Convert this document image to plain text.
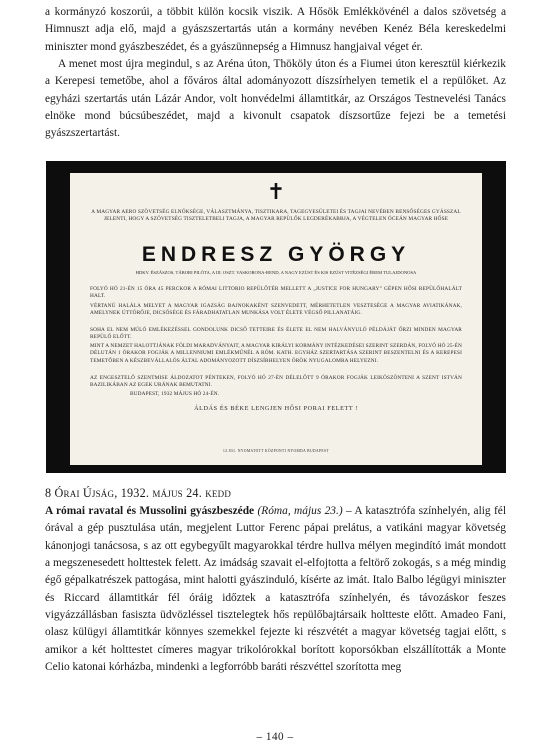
a kormányzó koszorúi, a többit külön kocsik viszik. A Hősök Emlékkövénél a dalos szövetség a Himnuszt adja elő, majd a gyászszertartás után a kormány nevében Kenéz Béla kereskedelmi miniszter mond gyászbeszédet, és a gyászünnepség a Himnusz hangjaival véget ér.

A menet most újra megindul, s az Aréna úton, Thököly úton és a Fiumei úton keresztül kiérkezik a Kerepesi temetőbe, ahol a főváros által adományozott díszsírhelyen temetik el a repülőket. Az egyházi szertartás után Lázár Andor, volt honvédelmi államtitkár, az Országos Testnevelési Tanács elnöke mond búcsúbeszédet, majd a kivonult csapatok díszsortűze fejezi be a temetési gyászszertartást.

✝
A MAGYAR AERO SZÖVETSÉG ELNÖKSÉGE, VÁLASZTMÁNYA, TISZTIKARA, TAGEGYESÜLETEI ÉS TAGJAI NEVÉBEN BENSŐSÉGES GYÁSSZAL JELENTI, HOGY A SZÖVETSÉG TISZTELETBELI TAGJA, A MAGYAR REPÜLŐK LEGDERÉKABBJA, A VÉGTELEN ÓCEÁN MAGYAR HŐSE
ENDRESZ GYÖRGY
HDKV. ÉSZÁSZOS, TÁBORI PILÓTA, A III. OSZT. VASKORONA-REND, A NAGY EZÜST ÉS KIS EZÜST VITÉZSÉGI ÉREM TULAJDONOSA
FOLYÓ HÓ 21-ÉN 15 ÓRA 45 PERCKOR A RÓMAI LITTORIO REPÜLŐTÉR MELLETT A „JUSTICE FOR HUNGARY” GÉPEN HŐSI REPÜLŐHALÁLT HALT.
VÉRTANÚ HALÁLA MELYET A MAGYAR IGAZSÁG BAJNOKAKÉNT SZENVEDETT, MÉRHETETLEN VESZTESÉGE A MAGYAR AVIATIKÁNAK, AMELYNEK ÚTTÖRŐJE, DICSŐSÉGE ÉS FÁRADHATATLAN MUNKÁSA VOLT ÉLETE VÉGSŐ PILLANATÁIG.
SOHA EL NEM MÚLÓ EMLÉKEZÉSSEL GONDOLUNK DICSŐ TETTEIRE ÉS ÉLETE EL NEM HALVÁNYULÓ PÉLDÁJÁT ŐRZI MINDEN MAGYAR REPÜLŐ ELŐTT.
MINT A NEMZET HALOTTJÁNAK FÖLDI MARADVÁNYAIT, A MAGYAR KIRÁLYI KORMÁNY INTÉZKEDÉSEI SZERINT SZERDÁN, FOLYÓ HÓ 25-ÉN DÉLUTÁN 1 ÓRAKOR FOGJÁK A MILLENNIUMI EMLÉKMŰNÉL A RÓM. KATH. EGYHÁZ SZERTARTÁSA SZERINT BESZENTELNI ÉS A KEREPESI TEMETŐBEN A KÉSZBEVÁLLALÓS ÁLTAL ADOMÁNYOZOTT DÍSZSÍRHELYEN ÖRÖK NYUGALOMRA HELYEZNI.
AZ ENGESZTELŐ SZENTMISE ÁLDOZATOT PÉNTEKEN, FOLYÓ HÓ 27-ÉN DÉLELŐTT 9 ÓRAKOR FOGJÁK LEIKÖSZÖNTENI A SZENT ISTVÁN BAZILIKÁBAN AZ EGEK URÁNAK BEMUTATNI.
BUDAPEST, 1932 MÁJUS HÓ 24-ÉN.
ÁLDÁS ÉS BÉKE LENGJEN HŐSI PORAI FELETT !
12.831. NYOMATOTT KÖZPONTI NYOMDA BUDAPEST
8 Órai Újság, 1932. május 24. kedd

A római ravatal és Mussolini gyászbeszéde (Róma, május 23.) – A katasztrófa színhelyén, alig fél órával a gép pusztulása után, megjelent Luttor Ferenc pápai prelátus, a vatikáni magyar követség kánonjogi tanácsosa, s az ott egybegyűlt magyarokkal térdre hullva mélyen megindító imát mondott a megszenesedett holttestek felett. Az imádság szavait el-elfojtotta a feltörő zokogás, s a még mindig égő gépalkatrészek pattogása, mint halotti gyászinduló, kísérte az imát. Italo Balbo légügyi miniszter és Riccard államtitkár fél óráig időztek a katasztrófa színhelyén, és távozáskor feszes vigyázzállásban fasiszta üdvözléssel tisztelegtek hős repülőbajtársaik holtteste előtt. Amadeo Fani, olasz külügyi államtitkár könnyes szemekkel fejezte ki részvétét a magyar követség tagjai előtt, s amikor a két holttestet címeres magyar trikolórokkal borított koporsókban elszállították a Monte Celio katonai kórházba, mindenki a legforróbb baráti részvéttel szorította meg

– 140 –
